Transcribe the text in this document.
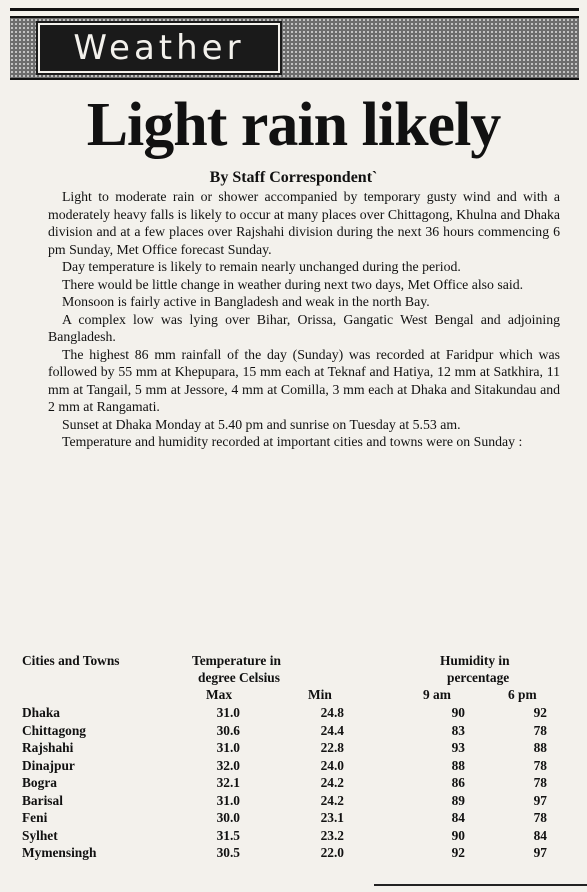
Weather
Light rain likely
By Staff Correspondent`

Light to moderate rain or shower accompanied by temporary gusty wind and with a moderately heavy falls is likely to occur at many places over Chittagong, Khulna and Dhaka division and at a few places over Rajshahi division during the next 36 hours commencing 6 pm Sunday, Met Office forecast Sunday.

Day temperature is likely to remain nearly unchanged during the period.

There would be little change in weather during next two days, Met Office also said.

Monsoon is fairly active in Bangladesh and weak in the north Bay.

A complex low was lying over Bihar, Orissa, Gangatic West Bengal and adjoining Bangladesh.

The highest 86 mm rainfall of the day (Sunday) was recorded at Faridpur which was followed by 55 mm at Khepupara, 15 mm each at Teknaf and Hatiya, 12 mm at Satkhira, 11 mm at Tangail, 5 mm at Jessore, 4 mm at Comilla, 3 mm each at Dhaka and Sitakundau and 2 mm at Rangamati.

Sunset at Dhaka Monday at 5.40 pm and sunrise on Tuesday at 5.53 am.

Temperature and humidity recorded at important cities and towns were on Sunday :

Cities and Towns	Temperature in
degree Celsius
Humidity in
percentage
Max	Min	9 am	6 pm
Dhaka	31.0	24.8	90	92
Chittagong	30.6	24.4	83	78
Rajshahi	31.0	22.8	93	88
Dinajpur	32.0	24.0	88	78
Bogra	32.1	24.2	86	78
Barisal	31.0	24.2	89	97
Feni	30.0	23.1	84	78
Sylhet	31.5	23.2	90	84
Mymensingh	30.5	22.0	92	97
